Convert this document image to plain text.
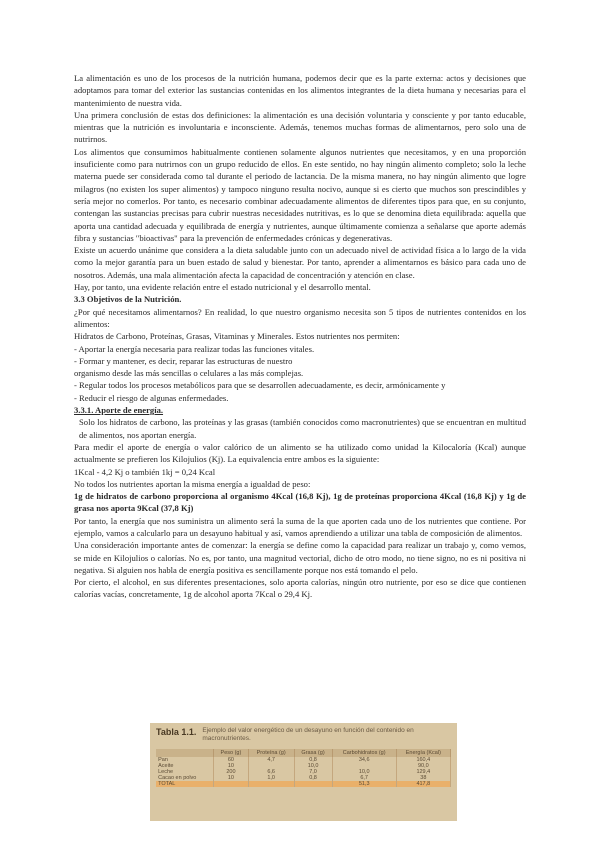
La alimentación es uno de los procesos de la nutrición humana, podemos decir que es la parte externa: actos y decisiones que adoptamos para tomar del exterior las sustancias contenidas en los alimentos integrantes de la dieta humana y necesarias para el mantenimiento de nuestra vida.

Una primera conclusión de estas dos definiciones: la alimentación es una decisión voluntaria y consciente y por tanto educable, mientras que la nutrición es involuntaria e inconsciente. Además, tenemos muchas formas de alimentarnos, pero solo una de nutrirnos.

Los alimentos que consumimos habitualmente contienen solamente algunos nutrientes que necesitamos, y en una proporción insuficiente como para nutrirnos con un grupo reducido de ellos. En este sentido, no hay ningún alimento completo; solo la leche materna puede ser considerada como tal durante el periodo de lactancia. De la misma manera, no hay ningún alimento que logre milagros (no existen los super alimentos) y tampoco ninguno resulta nocivo, aunque si es cierto que muchos son prescindibles y sería mejor no comerlos. Por tanto, es necesario combinar adecuadamente alimentos de diferentes tipos para que, en su conjunto, contengan las sustancias precisas para cubrir nuestras necesidades nutritivas, es lo que se denomina dieta equilibrada: aquella que aporta una cantidad adecuada y equilibrada de energía y nutrientes, aunque últimamente comienza a señalarse que aporte además fibra y sustancias "bioactivas" para la prevención de enfermedades crónicas y degenerativas.

Existe un acuerdo unánime que considera a la dieta saludable junto con un adecuado nivel de actividad física a lo largo de la vida como la mejor garantía para un buen estado de salud y bienestar. Por tanto, aprender a alimentarnos es básico para cada uno de nosotros. Además, una mala alimentación afecta la capacidad de concentración y atención en clase.

Hay, por tanto, una evidente relación entre el estado nutricional y el desarrollo mental.

3.3 Objetivos de la Nutrición.

¿Por qué necesitamos alimentarnos? En realidad, lo que nuestro organismo necesita son 5 tipos de nutrientes contenidos en los alimentos:

Hidratos de Carbono, Proteínas, Grasas, Vitaminas y Minerales. Estos nutrientes nos permiten:

- Aportar la energía necesaria para realizar todas las funciones vitales.

- Formar y mantener, es decir, reparar las estructuras de nuestro

organismo desde las más sencillas o celulares a las más complejas.

- Regular todos los procesos metabólicos para que se desarrollen adecuadamente, es decir, armónicamente y

- Reducir el riesgo de algunas enfermedades.

3.3.1. Aporte de energía.

Solo los hidratos de carbono, las proteínas y las grasas (también conocidos como macronutrientes) que se encuentran en multitud de alimentos, nos aportan energía.

Para medir el aporte de energía o valor calórico de un alimento se ha utilizado como unidad la Kilocaloría (Kcal) aunque actualmente se prefieren los Kilojulios (Kj). La equivalencia entre ambos es la siguiente:

1Kcal - 4,2 Kj o también 1kj = 0,24 Kcal

No todos los nutrientes aportan la misma energía a igualdad de peso:

1g de hidratos de carbono proporciona al organismo 4Kcal (16,8 Kj), 1g de proteínas proporciona 4Kcal (16,8 Kj) y 1g de grasa nos aporta 9Kcal (37,8 Kj)

Por tanto, la energía que nos suministra un alimento será la suma de la que aporten cada uno de los nutrientes que contiene. Por ejemplo, vamos a calcularlo para un desayuno habitual y así, vamos aprendiendo a utilizar una tabla de composición de alimentos.

Una consideración importante antes de comenzar: la energía se define como la capacidad para realizar un trabajo y, como vemos, se mide en Kilojulios o calorías. No es, por tanto, una magnitud vectorial, dicho de otro modo, no tiene signo, no es ni positiva ni negativa. Si alguien nos habla de energía positiva es sencillamente porque nos está tomando el pelo.

Por cierto, el alcohol, en sus diferentes presentaciones, solo aporta calorías, ningún otro nutriente, por eso se dice que contienen calorías vacías, concretamente, 1g de alcohol aporta 7Kcal o 29,4 Kj.

Tabla 1.1. Ejemplo del valor energético de un desayuno en función del contenido en macronutrientes.
	Peso (g)	Proteína (g)	Grasa (g)	Carbohidratos (g)	Energía (Kcal)
Pan	60	4,7	0,8	34,6	160,4
Aceite	10		10,0		90,0
Leche	200	6,6	7,0	10,0	129,4
Cacao en polvo	10	1,0	0,8	6,7	38
TOTAL				51,3	417,8
